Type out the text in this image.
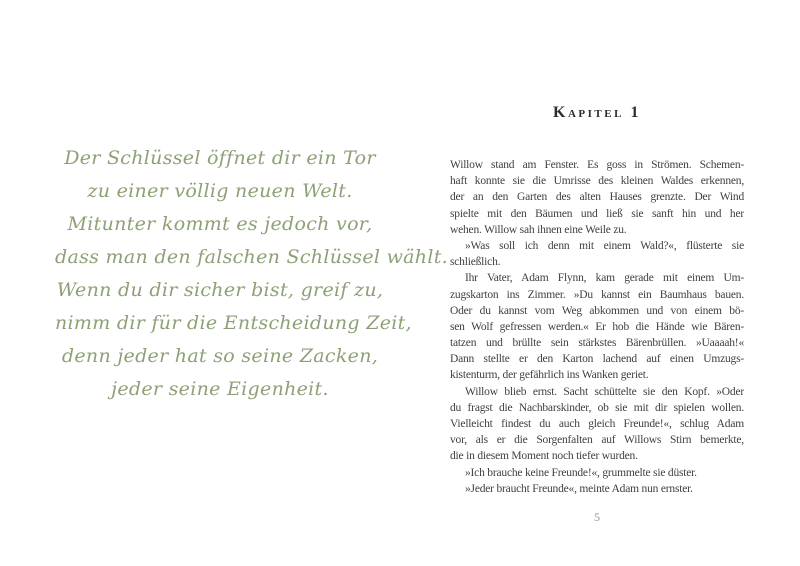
Der Schlüssel öffnet dir ein Tor
zu einer völlig neuen Welt.
Mitunter kommt es jedoch vor,
dass man den falschen Schlüssel wählt.
Wenn du dir sicher bist, greif zu,
nimm dir für die Entscheidung Zeit,
denn jeder hat so seine Zacken,
jeder seine Eigenheit.
Kapitel 1
Willow stand am Fenster. Es goss in Strömen. Schemen-
haft konnte sie die Umrisse des kleinen Waldes erkennen,
der an den Garten des alten Hauses grenzte. Der Wind
spielte mit den Bäumen und ließ sie sanft hin und her
wehen. Willow sah ihnen eine Weile zu.
»Was soll ich denn mit einem Wald?«, flüsterte sie
schließlich.
Ihr Vater, Adam Flynn, kam gerade mit einem Um-
zugskarton ins Zimmer. »Du kannst ein Baumhaus bauen.
Oder du kannst vom Weg abkommen und von einem bö-
sen Wolf gefressen werden.« Er hob die Hände wie Bären-
tatzen und brüllte sein stärkstes Bärenbrüllen. »Uaaaah!«
Dann stellte er den Karton lachend auf einen Umzugs-
kistenturm, der gefährlich ins Wanken geriet.
Willow blieb ernst. Sacht schüttelte sie den Kopf. »Oder
du fragst die Nachbarskinder, ob sie mit dir spielen wollen.
Vielleicht findest du auch gleich Freunde!«, schlug Adam
vor, als er die Sorgenfalten auf Willows Stirn bemerkte,
die in diesem Moment noch tiefer wurden.
»Ich brauche keine Freunde!«, grummelte sie düster.
»Jeder braucht Freunde«, meinte Adam nun ernster.
5
